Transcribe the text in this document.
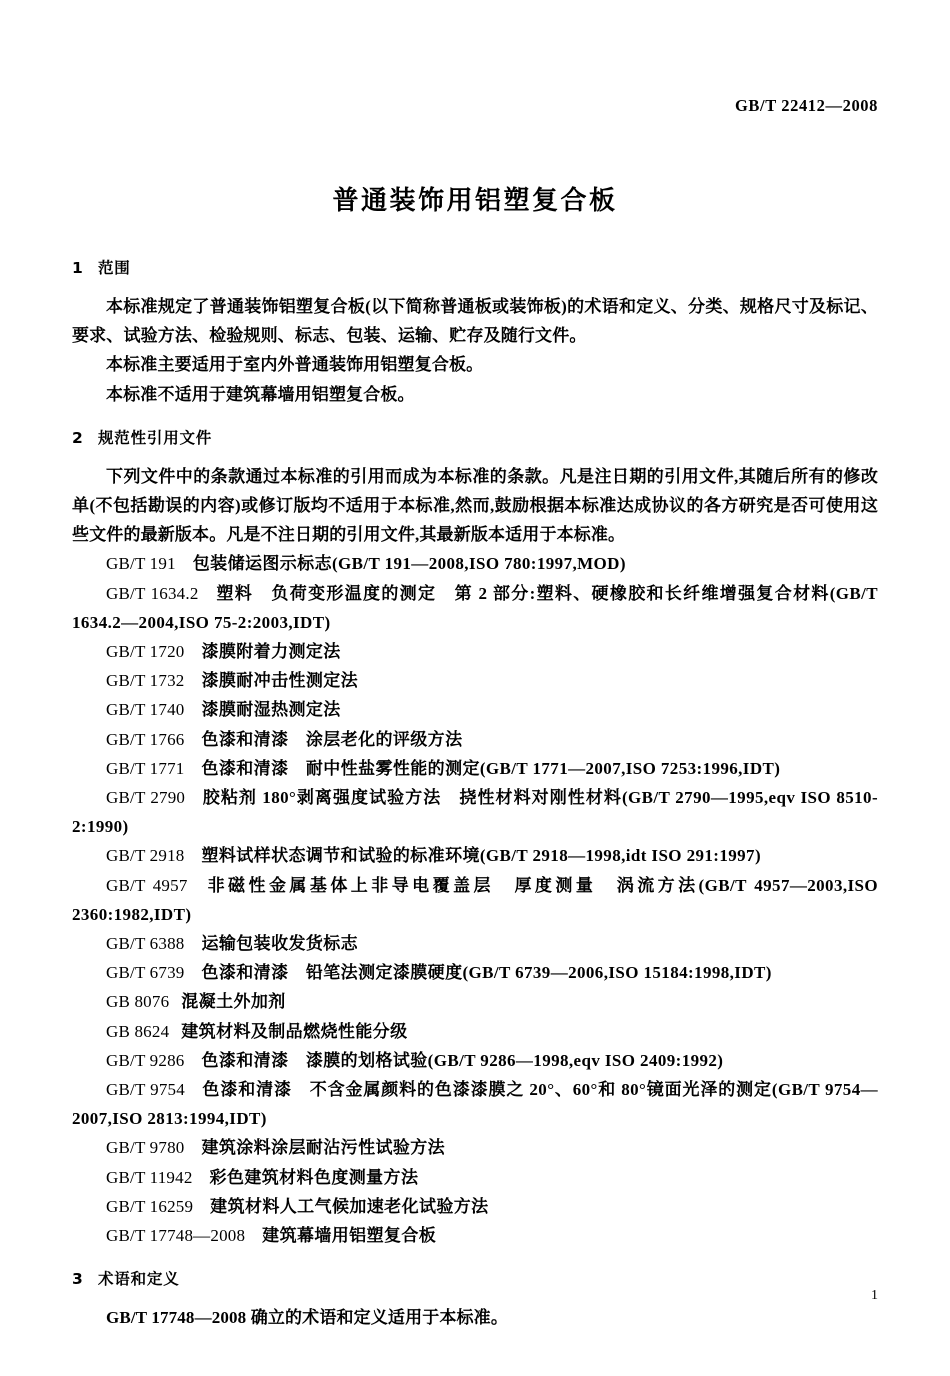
GB/T 22412—2008
普通装饰用铝塑复合板
1 范围

本标准规定了普通装饰铝塑复合板(以下简称普通板或装饰板)的术语和定义、分类、规格尺寸及标记、要求、试验方法、检验规则、标志、包装、运输、贮存及随行文件。

本标准主要适用于室内外普通装饰用铝塑复合板。

本标准不适用于建筑幕墙用铝塑复合板。

2 规范性引用文件

下列文件中的条款通过本标准的引用而成为本标准的条款。凡是注日期的引用文件,其随后所有的修改单(不包括勘误的内容)或修订版均不适用于本标准,然而,鼓励根据本标准达成协议的各方研究是否可使用这些文件的最新版本。凡是不注日期的引用文件,其最新版本适用于本标准。

GB/T 191 包装储运图示标志(GB/T 191—2008,ISO 780:1997,MOD)

GB/T 1634.2 塑料　负荷变形温度的测定　第 2 部分:塑料、硬橡胶和长纤维增强复合材料(GB/T 1634.2—2004,ISO 75-2:2003,IDT)

GB/T 1720 漆膜附着力测定法

GB/T 1732 漆膜耐冲击性测定法

GB/T 1740 漆膜耐湿热测定法

GB/T 1766 色漆和清漆　涂层老化的评级方法

GB/T 1771 色漆和清漆　耐中性盐雾性能的测定(GB/T 1771—2007,ISO 7253:1996,IDT)

GB/T 2790 胶粘剂 180°剥离强度试验方法　挠性材料对刚性材料(GB/T 2790—1995,eqv ISO 8510-2:1990)

GB/T 2918 塑料试样状态调节和试验的标准环境(GB/T 2918—1998,idt ISO 291:1997)

GB/T 4957 非磁性金属基体上非导电覆盖层　厚度测量　涡流方法(GB/T 4957—2003,ISO 2360:1982,IDT)

GB/T 6388 运输包装收发货标志

GB/T 6739 色漆和清漆　铅笔法测定漆膜硬度(GB/T 6739—2006,ISO 15184:1998,IDT)

GB 8076 混凝土外加剂

GB 8624 建筑材料及制品燃烧性能分级

GB/T 9286 色漆和清漆　漆膜的划格试验(GB/T 9286—1998,eqv ISO 2409:1992)

GB/T 9754 色漆和清漆　不含金属颜料的色漆漆膜之 20°、60°和 80°镜面光泽的测定(GB/T 9754—2007,ISO 2813:1994,IDT)

GB/T 9780 建筑涂料涂层耐沾污性试验方法

GB/T 11942 彩色建筑材料色度测量方法

GB/T 16259 建筑材料人工气候加速老化试验方法

GB/T 17748—2008 建筑幕墙用铝塑复合板

3 术语和定义

GB/T 17748—2008 确立的术语和定义适用于本标准。

1
